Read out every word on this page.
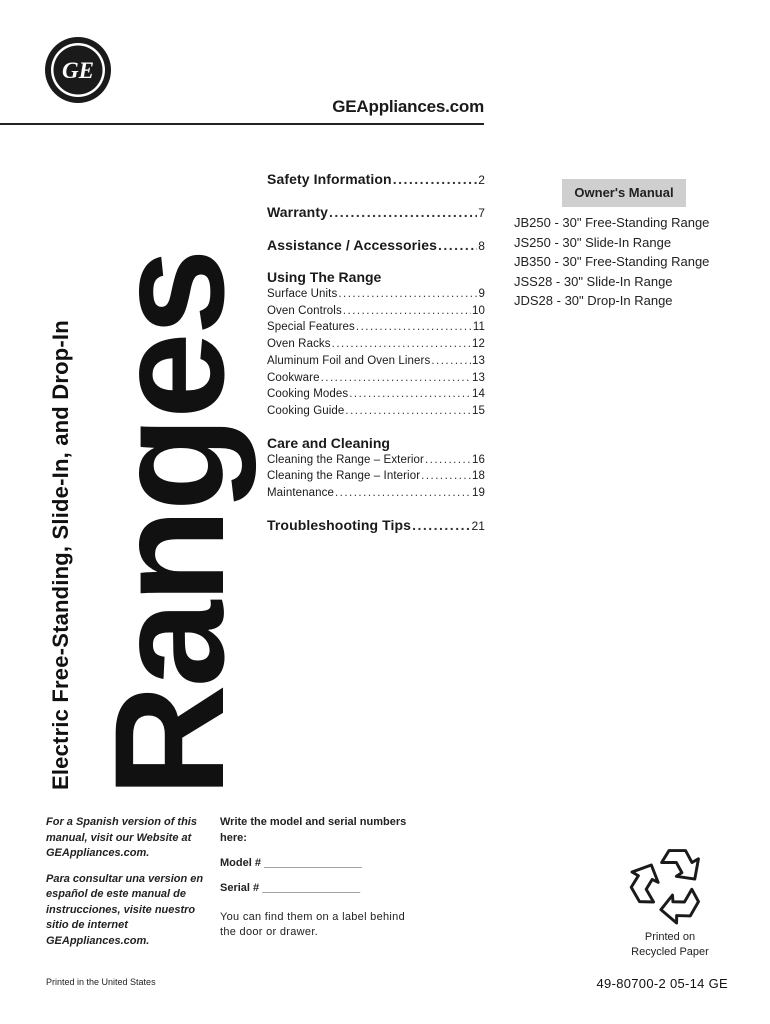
GE
GEAppliances.com
Electric Free-Standing, Slide-In, and Drop-In Ranges
Safety Information .....	2
Warranty .....	7
Assistance / Accessories .....	8
Using The Range
Surface Units .....	9
Oven Controls .....	10
Special Features .....	11
Oven Racks .....	12
Aluminum Foil and Oven Liners .....	13
Cookware .....	13
Cooking Modes .....	14
Cooking Guide .....	15
Care and Cleaning
Cleaning the Range – Exterior .....	16
Cleaning the Range – Interior .....	18
Maintenance .....	19
Troubleshooting Tips .....	21
Owner's Manual
JB250 - 30" Free-Standing Range
JS250 - 30" Slide-In Range
JB350 - 30" Free-Standing Range
JSS28 - 30" Slide-In Range
JDS28 - 30" Drop-In Range

For a Spanish version of this manual, visit our Website at GEAppliances.com.

Para consultar una version en español de este manual de instrucciones, visite nuestro sitio de internet GEAppliances.com.

Write the model and serial numbers here:
Model # ________________
Serial # ________________
You can find them on a label behind the door or drawer.	Printed on
Recycled Paper
Printed in the United States	49-80700-2 05-14 GE
